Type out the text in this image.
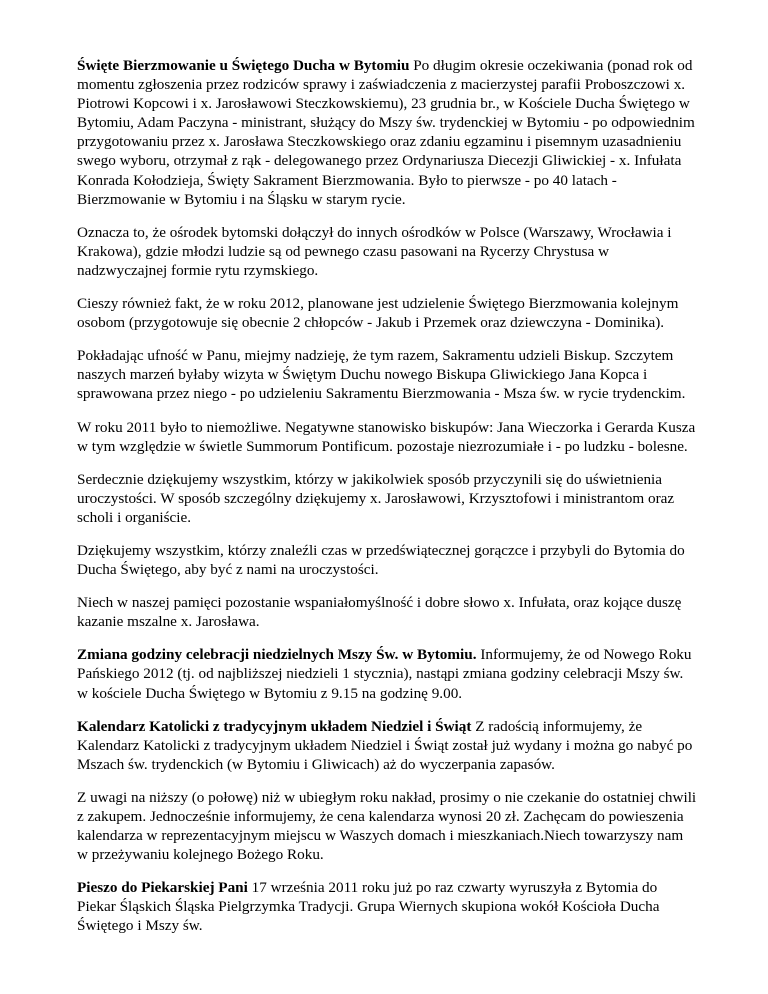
Święte Bierzmowanie u Świętego Ducha w Bytomiu Po długim okresie oczekiwania (ponad rok od momentu zgłoszenia przez rodziców sprawy i zaświadczenia z macierzystej parafii Proboszczowi x. Piotrowi Kopcowi i x. Jarosławowi Steczkowskiemu), 23 grudnia br., w Kościele Ducha Świętego w Bytomiu, Adam Paczyna - ministrant, służący do Mszy św. trydenckiej w Bytomiu - po odpowiednim przygotowaniu przez x. Jarosława Steczkowskiego oraz zdaniu egzaminu i pisemnym uzasadnieniu swego wyboru, otrzymał z rąk - delegowanego przez Ordynariusza Diecezji Gliwickiej - x. Infułata Konrada Kołodzieja, Święty Sakrament Bierzmowania. Było to pierwsze - po 40 latach - Bierzmowanie w Bytomiu i na Śląsku w starym rycie.

Oznacza to, że ośrodek bytomski dołączył do innych ośrodków w Polsce (Warszawy, Wrocławia i Krakowa), gdzie młodzi ludzie są od pewnego czasu pasowani na Rycerzy Chrystusa w nadzwyczajnej formie rytu rzymskiego.

Cieszy również fakt, że w roku 2012, planowane jest udzielenie Świętego Bierzmowania kolejnym osobom (przygotowuje się obecnie 2 chłopców - Jakub i Przemek oraz dziewczyna - Dominika).

Pokładając ufność w Panu, miejmy nadzieję, że tym razem, Sakramentu udzieli Biskup. Szczytem naszych marzeń byłaby wizyta w Świętym Duchu nowego Biskupa Gliwickiego Jana Kopca i sprawowana przez niego - po udzieleniu Sakramentu Bierzmowania - Msza św. w rycie trydenckim.

W roku 2011 było to niemożliwe. Negatywne stanowisko biskupów: Jana Wieczorka i Gerarda Kusza w tym względzie w świetle Summorum Pontificum. pozostaje niezrozumiałe i - po ludzku - bolesne.

Serdecznie dziękujemy wszystkim, którzy w jakikolwiek sposób przyczynili się do uświetnienia uroczystości. W sposób szczególny dziękujemy x. Jarosławowi, Krzysztofowi i ministrantom oraz scholi i organiście.

Dziękujemy wszystkim, którzy znaleźli czas w przedświątecznej gorączce i przybyli do Bytomia do Ducha Świętego, aby być z nami na uroczystości.

Niech w naszej pamięci pozostanie wspaniałomyślność i dobre słowo x. Infułata, oraz kojące duszę kazanie mszalne x. Jarosława.

Zmiana godziny celebracji niedzielnych Mszy Św. w Bytomiu. Informujemy, że od Nowego Roku Pańskiego 2012 (tj. od najbliższej niedzieli 1 stycznia), nastąpi zmiana godziny celebracji Mszy św. w kościele Ducha Świętego w Bytomiu z 9.15 na godzinę 9.00.

Kalendarz Katolicki z tradycyjnym układem Niedziel i Świąt Z radością informujemy, że Kalendarz Katolicki z tradycyjnym układem Niedziel i Świąt został już wydany i można go nabyć po Mszach św. trydenckich (w Bytomiu i Gliwicach) aż do wyczerpania zapasów.

Z uwagi na niższy (o połowę) niż w ubiegłym roku nakład, prosimy o nie czekanie do ostatniej chwili z zakupem. Jednocześnie informujemy, że cena kalendarza wynosi 20 zł. Zachęcam do powieszenia kalendarza w reprezentacyjnym miejscu w Waszych domach i mieszkaniach.Niech towarzyszy nam w przeżywaniu kolejnego Bożego Roku.

Pieszo do Piekarskiej Pani 17 września 2011 roku już po raz czwarty wyruszyła z Bytomia do Piekar Śląskich Śląska Pielgrzymka Tradycji. Grupa Wiernych skupiona wokół Kościoła Ducha Świętego i Mszy św.
